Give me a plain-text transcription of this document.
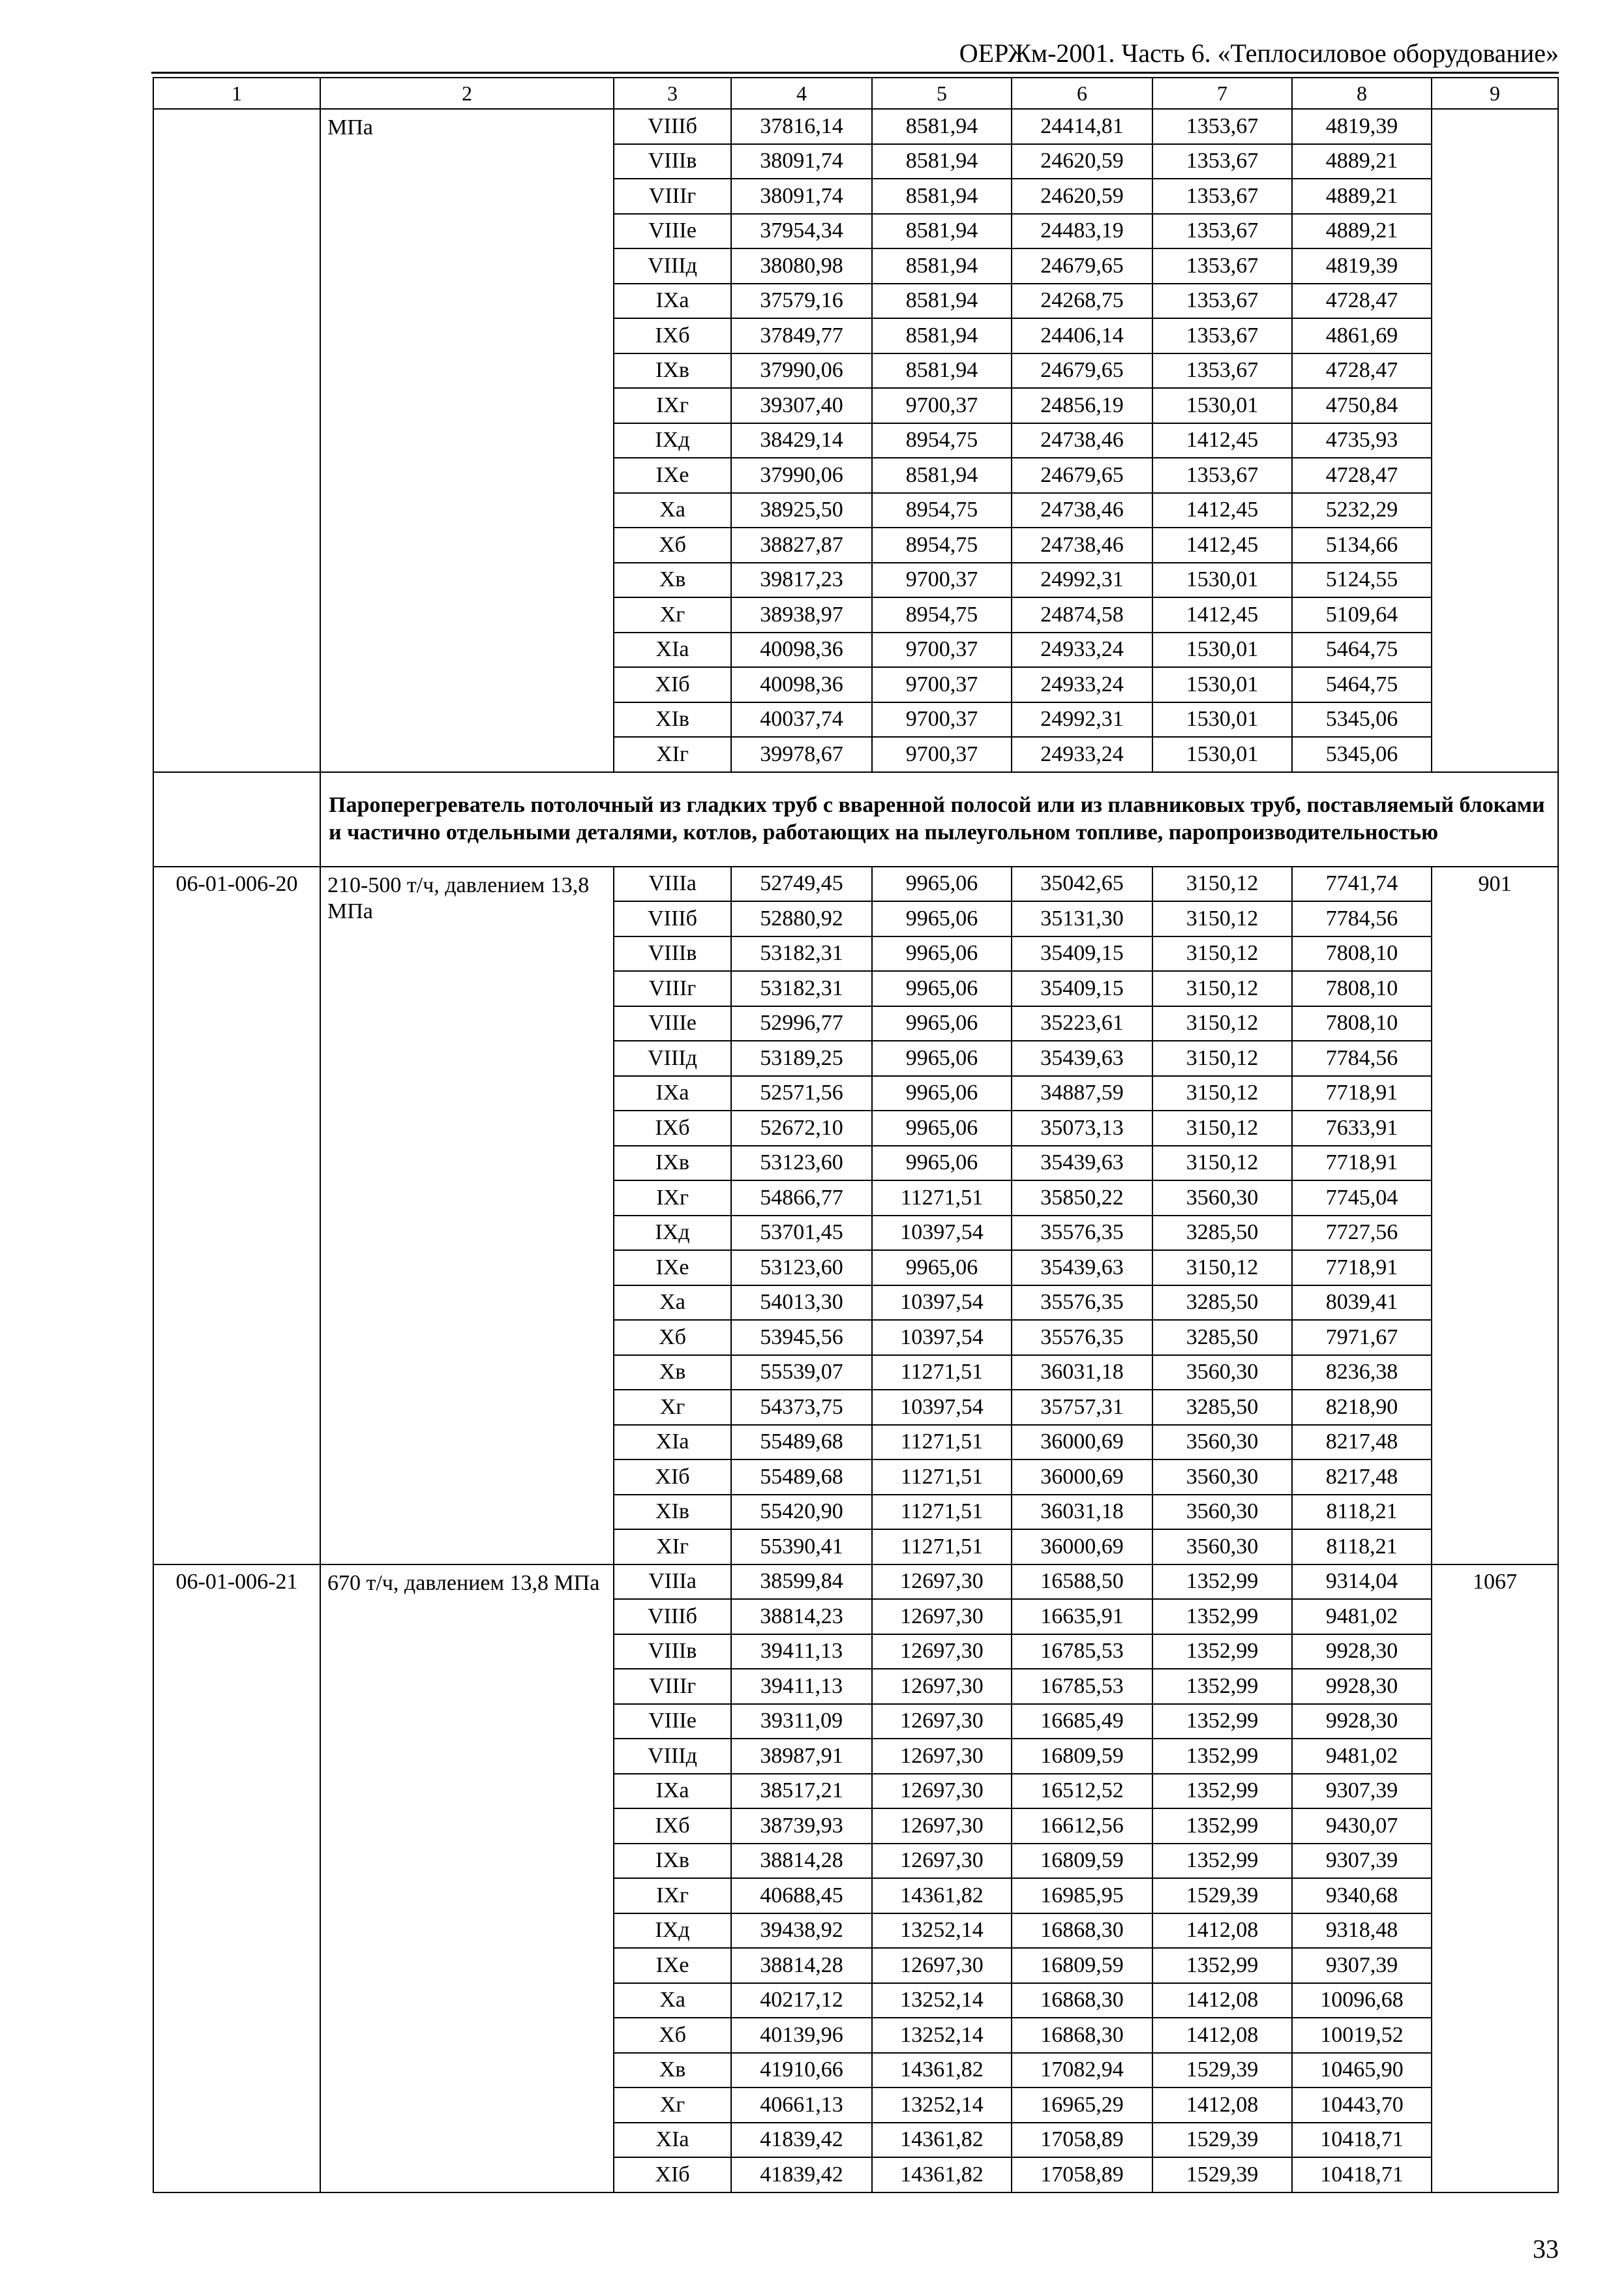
ОЕРЖм-2001. Часть 6. «Теплосиловое оборудование»
1	2	3	4	5	6	7	8	9
	МПа	VIIIб	37816,14	8581,94	24414,81	1353,67	4819,39	
		VIIIв	38091,74	8581,94	24620,59	1353,67	4889,21	
		VIIIг	38091,74	8581,94	24620,59	1353,67	4889,21	
		VIIIе	37954,34	8581,94	24483,19	1353,67	4889,21	
		VIIIд	38080,98	8581,94	24679,65	1353,67	4819,39	
		IXа	37579,16	8581,94	24268,75	1353,67	4728,47	
		IXб	37849,77	8581,94	24406,14	1353,67	4861,69	
		IXв	37990,06	8581,94	24679,65	1353,67	4728,47	
		IXг	39307,40	9700,37	24856,19	1530,01	4750,84	
		IXд	38429,14	8954,75	24738,46	1412,45	4735,93	
		IXе	37990,06	8581,94	24679,65	1353,67	4728,47	
		Xа	38925,50	8954,75	24738,46	1412,45	5232,29	
		Xб	38827,87	8954,75	24738,46	1412,45	5134,66	
		Xв	39817,23	9700,37	24992,31	1530,01	5124,55	
		Xг	38938,97	8954,75	24874,58	1412,45	5109,64	
		XIа	40098,36	9700,37	24933,24	1530,01	5464,75	
		XIб	40098,36	9700,37	24933,24	1530,01	5464,75	
		XIв	40037,74	9700,37	24992,31	1530,01	5345,06	
		XIг	39978,67	9700,37	24933,24	1530,01	5345,06	
	Пароперегреватель потолочный из гладких труб с вваренной полосой или из плавниковых труб, поставляемый блоками и частично отдельными деталями, котлов, работающих на пылеугольном топливе, паропроизводительностью							
06-01-006-20	210-500 т/ч, давлением 13,8 МПа	VIIIа	52749,45	9965,06	35042,65	3150,12	7741,74	901
		VIIIб	52880,92	9965,06	35131,30	3150,12	7784,56	
		VIIIв	53182,31	9965,06	35409,15	3150,12	7808,10	
		VIIIг	53182,31	9965,06	35409,15	3150,12	7808,10	
		VIIIе	52996,77	9965,06	35223,61	3150,12	7808,10	
		VIIIд	53189,25	9965,06	35439,63	3150,12	7784,56	
		IXа	52571,56	9965,06	34887,59	3150,12	7718,91	
		IXб	52672,10	9965,06	35073,13	3150,12	7633,91	
		IXв	53123,60	9965,06	35439,63	3150,12	7718,91	
		IXг	54866,77	11271,51	35850,22	3560,30	7745,04	
		IXд	53701,45	10397,54	35576,35	3285,50	7727,56	
		IXе	53123,60	9965,06	35439,63	3150,12	7718,91	
		Xа	54013,30	10397,54	35576,35	3285,50	8039,41	
		Xб	53945,56	10397,54	35576,35	3285,50	7971,67	
		Xв	55539,07	11271,51	36031,18	3560,30	8236,38	
		Xг	54373,75	10397,54	35757,31	3285,50	8218,90	
		XIа	55489,68	11271,51	36000,69	3560,30	8217,48	
		XIб	55489,68	11271,51	36000,69	3560,30	8217,48	
		XIв	55420,90	11271,51	36031,18	3560,30	8118,21	
		XIг	55390,41	11271,51	36000,69	3560,30	8118,21	
06-01-006-21	670 т/ч, давлением 13,8 МПа	VIIIа	38599,84	12697,30	16588,50	1352,99	9314,04	1067
		VIIIб	38814,23	12697,30	16635,91	1352,99	9481,02	
		VIIIв	39411,13	12697,30	16785,53	1352,99	9928,30	
		VIIIг	39411,13	12697,30	16785,53	1352,99	9928,30	
		VIIIе	39311,09	12697,30	16685,49	1352,99	9928,30	
		VIIIд	38987,91	12697,30	16809,59	1352,99	9481,02	
		IXа	38517,21	12697,30	16512,52	1352,99	9307,39	
		IXб	38739,93	12697,30	16612,56	1352,99	9430,07	
		IXв	38814,28	12697,30	16809,59	1352,99	9307,39	
		IXг	40688,45	14361,82	16985,95	1529,39	9340,68	
		IXд	39438,92	13252,14	16868,30	1412,08	9318,48	
		IXе	38814,28	12697,30	16809,59	1352,99	9307,39	
		Xа	40217,12	13252,14	16868,30	1412,08	10096,68	
		Xб	40139,96	13252,14	16868,30	1412,08	10019,52	
		Xв	41910,66	14361,82	17082,94	1529,39	10465,90	
		Xг	40661,13	13252,14	16965,29	1412,08	10443,70	
		XIа	41839,42	14361,82	17058,89	1529,39	10418,71	
		XIб	41839,42	14361,82	17058,89	1529,39	10418,71	
33
